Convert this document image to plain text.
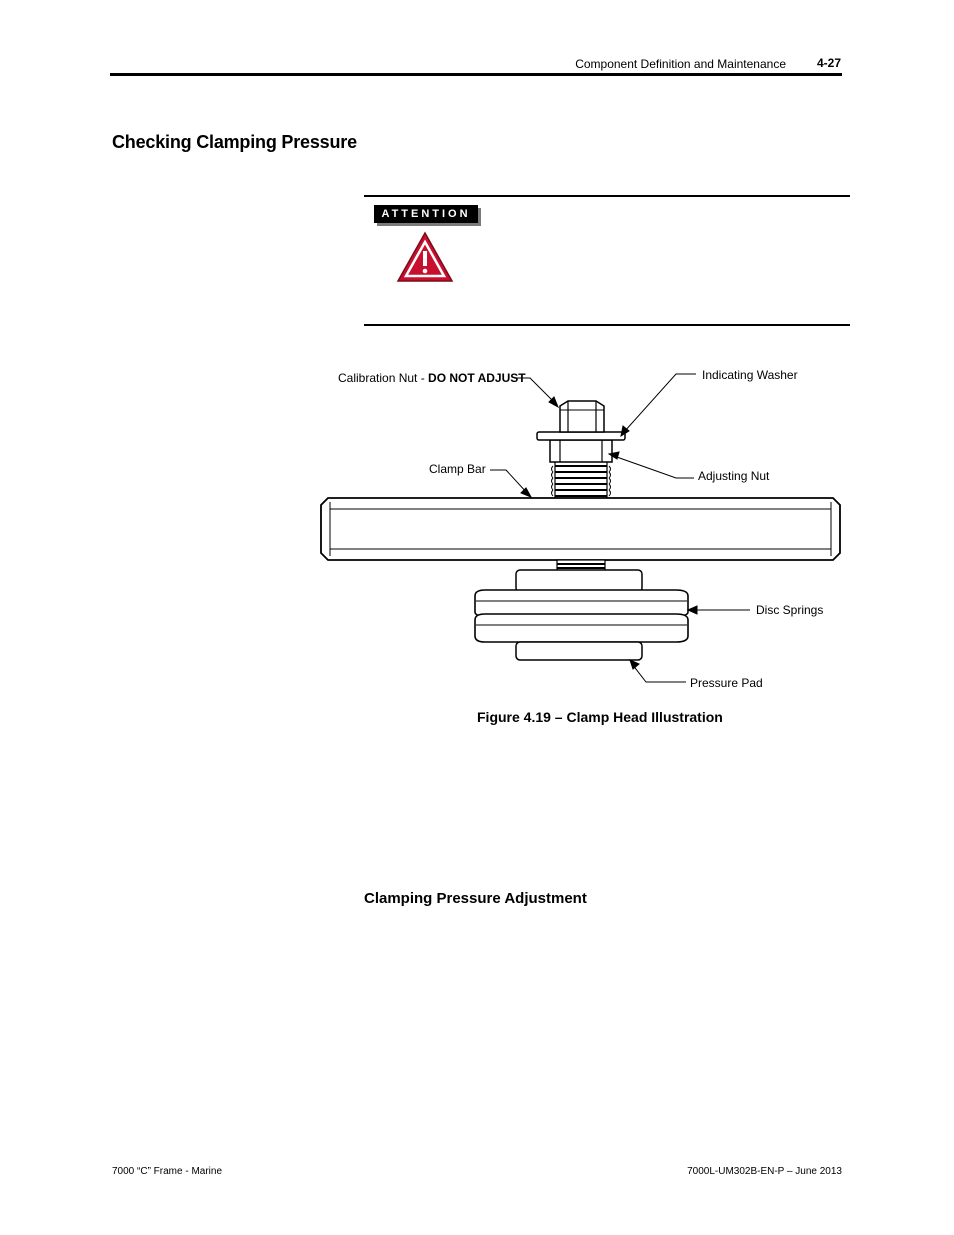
Component Definition and Maintenance	4-27
Checking Clamping Pressure
ATTENTION
Calibration Nut - DO NOT ADJUST	Indicating Washer
Clamp Bar	Adjusting Nut
Disc Springs
Pressure Pad
Figure 4.19 – Clamp Head Illustration
Clamping Pressure Adjustment
7000 “C” Frame - Marine	7000L-UM302B-EN-P – June 2013
